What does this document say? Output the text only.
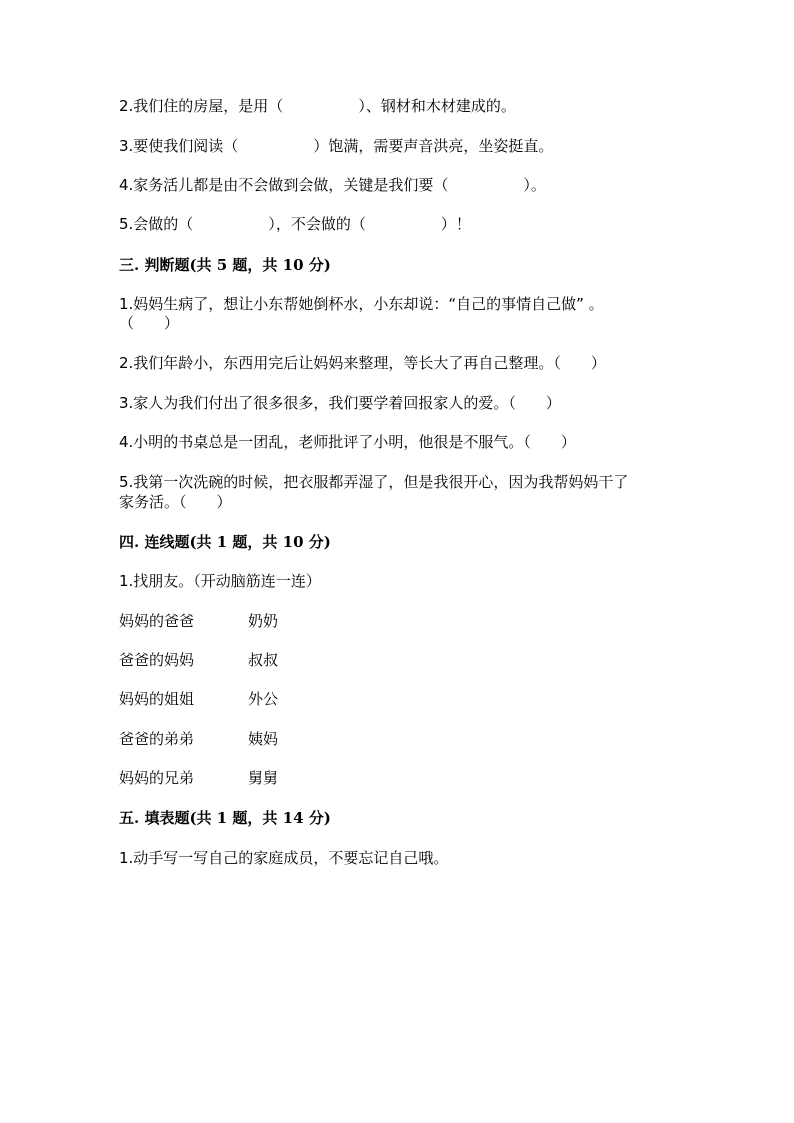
2.我们住的房屋，是用（　　　　　）、钢材和木材建成的。
3.要使我们阅读（　　　　　）饱满，需要声音洪亮，坐姿挺直。
4.家务活儿都是由不会做到会做，关键是我们要（　　　　　）。
5.会做的（　　　　　），不会做的（　　　　　）！
三. 判断题(共 5 题，共 10 分)
1.妈妈生病了，想让小东帮她倒杯水，小东却说：“自己的事情自己做” 。
（　　）
2.我们年龄小，东西用完后让妈妈来整理，等长大了再自己整理。（　　）
3.家人为我们付出了很多很多，我们要学着回报家人的爱。（　　）
4.小明的书桌总是一团乱，老师批评了小明，他很是不服气。（　　）
5.我第一次洗碗的时候，把衣服都弄湿了，但是我很开心，因为我帮妈妈干了
家务活。（　　）
四. 连线题(共 1 题，共 10 分)
1.找朋友。（开动脑筋连一连）
妈妈的爸爸	奶奶
爸爸的妈妈	叔叔
妈妈的姐姐	外公
爸爸的弟弟	姨妈
妈妈的兄弟	舅舅
五. 填表题(共 1 题，共 14 分)
1.动手写一写自己的家庭成员，不要忘记自己哦。
